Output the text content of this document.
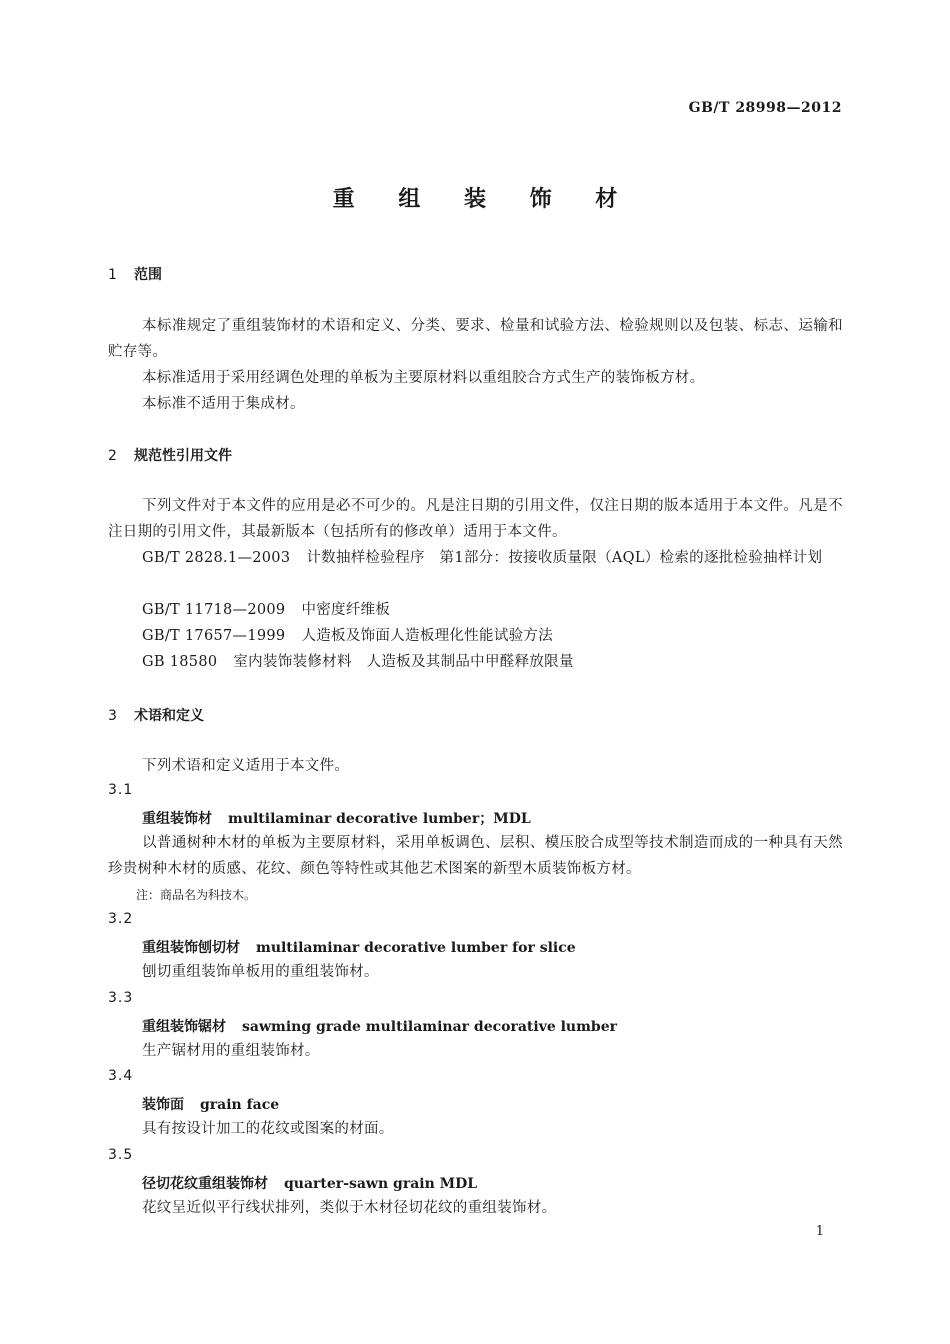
GB/T 28998—2012
重 组 装 饰 材
1 范围
本标准规定了重组装饰材的术语和定义、分类、要求、检量和试验方法、检验规则以及包装、标志、运输和贮存等。
本标准适用于采用经调色处理的单板为主要原材料以重组胶合方式生产的装饰板方材。
本标准不适用于集成材。
2 规范性引用文件
下列文件对于本文件的应用是必不可少的。凡是注日期的引用文件，仅注日期的版本适用于本文件。凡是不注日期的引用文件，其最新版本（包括所有的修改单）适用于本文件。
GB/T 2828.1—2003 计数抽样检验程序　第1部分：按接收质量限（AQL）检索的逐批检验抽样计划
GB/T 11718—2009 中密度纤维板
GB/T 17657—1999 人造板及饰面人造板理化性能试验方法
GB 18580 室内装饰装修材料　人造板及其制品中甲醛释放限量
3 术语和定义
下列术语和定义适用于本文件。
3.1
重组装饰材 multilaminar decorative lumber；MDL
以普通树种木材的单板为主要原材料，采用单板调色、层积、模压胶合成型等技术制造而成的一种具有天然珍贵树种木材的质感、花纹、颜色等特性或其他艺术图案的新型木质装饰板方材。
注：商品名为科技木。
3.2
重组装饰刨切材 multilaminar decorative lumber for slice
刨切重组装饰单板用的重组装饰材。
3.3
重组装饰锯材 sawming grade multilaminar decorative lumber
生产锯材用的重组装饰材。
3.4
装饰面 grain face
具有按设计加工的花纹或图案的材面。
3.5
径切花纹重组装饰材 quarter-sawn grain MDL
花纹呈近似平行线状排列，类似于木材径切花纹的重组装饰材。
1
